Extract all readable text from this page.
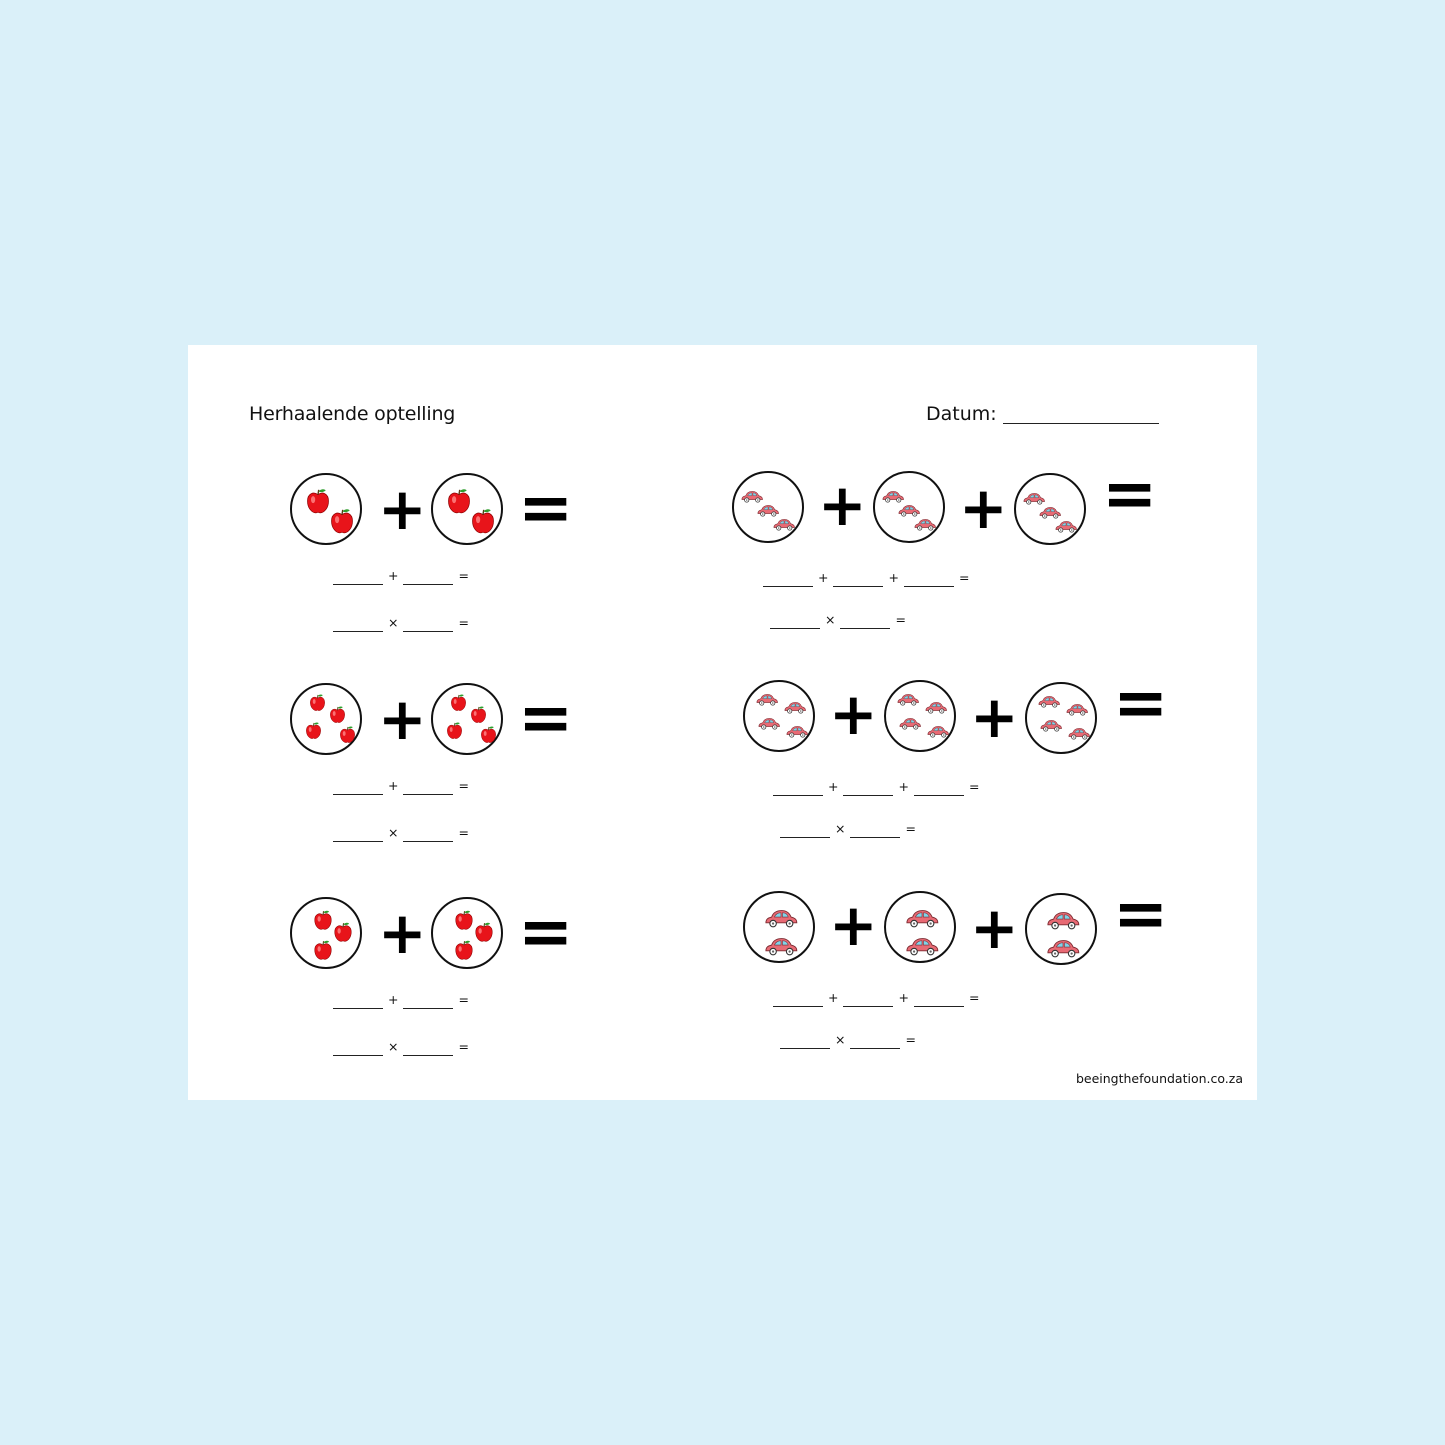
Herhaalende optelling	Datum:
+ =
+	=
×	=
+ =
+	=
×	=
+ =
+	=
×	=
+ + =
+	+	=
×	=
+ + =
+	+	=
×	=
+ + =
+	+	=
×	=
beeingthefoundation.co.za
